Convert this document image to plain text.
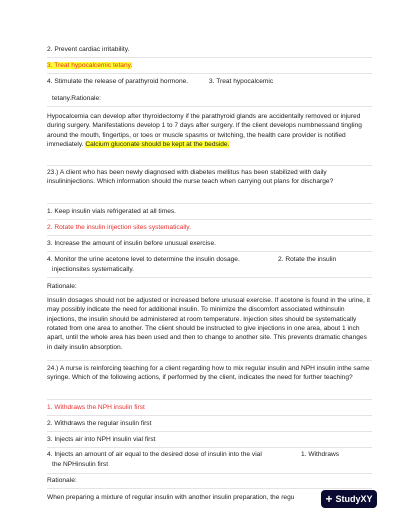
2. Prevent cardiac irritability.
3. Treat hypocalcemic tetany.
4. Stimulate the release of parathyroid hormone.	3. Treat hypocalcemic
tetany.Rationale:
Hypocalcemia can develop after thyroidectomy if the parathyroid glands are accidentally removed or injured during surgery. Manifestations develop 1 to 7 days after surgery. If the client develops numbnessand tingling around the mouth, fingertips, or toes or muscle spasms or twitching, the health care provider is notified immediately. Calcium gluconate should be kept at the bedside.
23.) A client who has been newly diagnosed with diabetes mellitus has been stabilized with daily insulininjections. Which information should the nurse teach when carrying out plans for discharge?
1. Keep insulin vials refrigerated at all times.
2. Rotate the insulin injection sites systematically.
3. Increase the amount of insulin before unusual exercise.
4. Monitor the urine acetone level to determine the insulin dosage.	2. Rotate the insulin
injectionsites systematically.
Rationale:
Insulin dosages should not be adjusted or increased before unusual exercise. If acetone is found in the urine, it may possibly indicate the need for additional insulin. To minimize the discomfort associated withinsulin injections, the insulin should be administered at room temperature. Injection sites should be systematically rotated from one area to another. The client should be instructed to give injections in one area, about 1 inch apart, until the whole area has been used and then to change to another site. This prevents dramatic changes in daily insulin absorption.
24.) A nurse is reinforcing teaching for a client regarding how to mix regular insulin and NPH insulin inthe same syringe. Which of the following actions, if performed by the client, indicates the need for further teaching?
1. Withdraws the NPH insulin first
2. Withdraws the regular insulin first
3. Injects air into NPH insulin vial first
4. Injects an amount of air equal to the desired dose of insulin into the vial	1. Withdraws
the NPHinsulin first
Rationale:
When preparing a mixture of regular insulin with another insulin preparation, the regu	+ StudyXY
